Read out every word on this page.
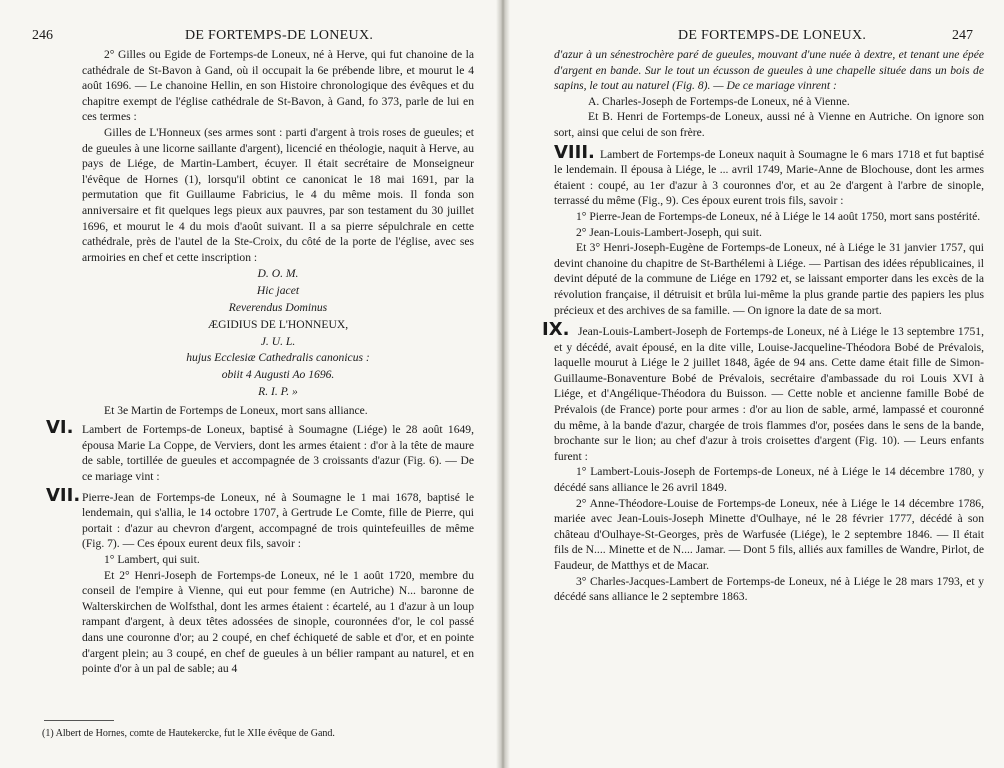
246	DE FORTEMPS-DE LONEUX.

2° Gilles ou Egide de Fortemps-de Loneux, né à Herve, qui fut chanoine de la cathédrale de St-Bavon à Gand, où il occupait la 6e prébende libre, et mourut le 4 août 1696. — Le chanoine Hellin, en son Histoire chronologique des évêques et du chapitre exempt de l'église cathédrale de St-Bavon, à Gand, fo 373, parle de lui en ces termes :

Gilles de L'Honneux (ses armes sont : parti d'argent à trois roses de gueules; et de gueules à une licorne saillante d'argent), licencié en théologie, naquit à Herve, au pays de Liége, de Martin-Lambert, écuyer. Il était secrétaire de Monseigneur l'évêque de Hornes (1), lorsqu'il obtint ce canonicat le 18 mai 1691, par la permutation que fit Guillaume Fabricius, le 4 du même mois. Il fonda son anniversaire et fit quelques legs pieux aux pauvres, par son testament du 30 juillet 1696, et mourut le 4 du mois d'août suivant. Il a sa pierre sépulchrale en cette cathédrale, près de l'autel de la Ste-Croix, du côté de la porte de l'église, avec ses armoiries en chef et cette inscription :

D. O. M.
Hic jacet
Reverendus Dominus
ÆGIDIUS DE L'HONNEUX,
J. U. L.
hujus Ecclesiæ Cathedralis canonicus :
obiit 4 Augusti Ao 1696.
R. I. P. »

Et 3e Martin de Fortemps de Loneux, mort sans alliance.

VI. Lambert de Fortemps-de Loneux, baptisé à Soumagne (Liége) le 28 août 1649, épousa Marie La Coppe, de Verviers, dont les armes étaient : d'or à la tête de maure de sable, tortillée de gueules et accompagnée de 3 croissants d'azur (Fig. 6). — De ce mariage vint :

VII. Pierre-Jean de Fortemps-de Loneux, né à Soumagne le 1 mai 1678, baptisé le lendemain, qui s'allia, le 14 octobre 1707, à Gertrude Le Comte, fille de Pierre, qui portait : d'azur au chevron d'argent, accompagné de trois quintefeuilles de même (Fig. 7). — Ces époux eurent deux fils, savoir :

1° Lambert, qui suit.

Et 2° Henri-Joseph de Fortemps-de Loneux, né le 1 août 1720, membre du conseil de l'empire à Vienne, qui eut pour femme (en Autriche) N... baronne de Walterskirchen de Wolfsthal, dont les armes étaient : écartelé, au 1 d'azur à un loup rampant d'argent, à deux têtes adossées de sinople, couronnées d'or, le col passé dans une couronne d'or; au 2 coupé, en chef échiqueté de sable et d'or, et en pointe d'argent plein; au 3 coupé, en chef de gueules à un bélier rampant au naturel, et en pointe d'or à un pal de sable; au 4

(1) Albert de Hornes, comte de Hautekercke, fut le XIIe évêque de Gand.
DE FORTEMPS-DE LONEUX.	247

d'azur à un sénestrochère paré de gueules, mouvant d'une nuée à dextre, et tenant une épée d'argent en bande. Sur le tout un écusson de gueules à une chapelle située dans un bois de sapins, le tout au naturel (Fig. 8). — De ce mariage vinrent :

A. Charles-Joseph de Fortemps-de Loneux, né à Vienne.

Et B. Henri de Fortemps-de Loneux, aussi né à Vienne en Autriche. On ignore son sort, ainsi que celui de son frère.

VIII. Lambert de Fortemps-de Loneux naquit à Soumagne le 6 mars 1718 et fut baptisé le lendemain. Il épousa à Liége, le ... avril 1749, Marie-Anne de Blochouse, dont les armes étaient : coupé, au 1er d'azur à 3 couronnes d'or, et au 2e d'argent à l'arbre de sinople, terrassé du même (Fig., 9). Ces époux eurent trois fils, savoir :

1° Pierre-Jean de Fortemps-de Loneux, né à Liége le 14 août 1750, mort sans postérité.

2° Jean-Louis-Lambert-Joseph, qui suit.

Et 3° Henri-Joseph-Eugène de Fortemps-de Loneux, né à Liége le 31 janvier 1757, qui devint chanoine du chapitre de St-Barthélemi à Liége. — Partisan des idées républicaines, il devint député de la commune de Liége en 1792 et, se laissant emporter dans les excès de la révolution française, il détruisit et brûla lui-même la plus grande partie des papiers les plus précieux et des archives de sa famille. — On ignore la date de sa mort.

IX. Jean-Louis-Lambert-Joseph de Fortemps-de Loneux, né à Liége le 13 septembre 1751, et y décédé, avait épousé, en la dite ville, Louise-Jacqueline-Théodora Bobé de Prévalois, laquelle mourut à Liége le 2 juillet 1848, âgée de 94 ans. Cette dame était fille de Simon-Guillaume-Bonaventure Bobé de Prévalois, secrétaire d'ambassade du roi Louis XVI à Liége, et d'Angélique-Théodora du Buisson. — Cette noble et ancienne famille Bobé de Prévalois (de France) porte pour armes : d'or au lion de sable, armé, lampassé et couronné du même, à la bande d'azur, chargée de trois flammes d'or, posées dans le sens de la bande, brochante sur le lion; au chef d'azur à trois croisettes d'argent (Fig. 10). — Leurs enfants furent :

1° Lambert-Louis-Joseph de Fortemps-de Loneux, né à Liége le 14 décembre 1780, y décédé sans alliance le 26 avril 1849.

2° Anne-Théodore-Louise de Fortemps-de Loneux, née à Liége le 14 décembre 1786, mariée avec Jean-Louis-Joseph Minette d'Oulhaye, né le 28 février 1777, décédé à son château d'Oulhaye-St-Georges, près de Warfusée (Liége), le 2 septembre 1846. — Il était fils de N.... Minette et de N.... Jamar. — Dont 5 fils, alliés aux familles de Wandre, Pirlot, de Faudeur, de Matthys et de Macar.

3° Charles-Jacques-Lambert de Fortemps-de Loneux, né à Liége le 28 mars 1793, et y décédé sans alliance le 2 septembre 1863.
